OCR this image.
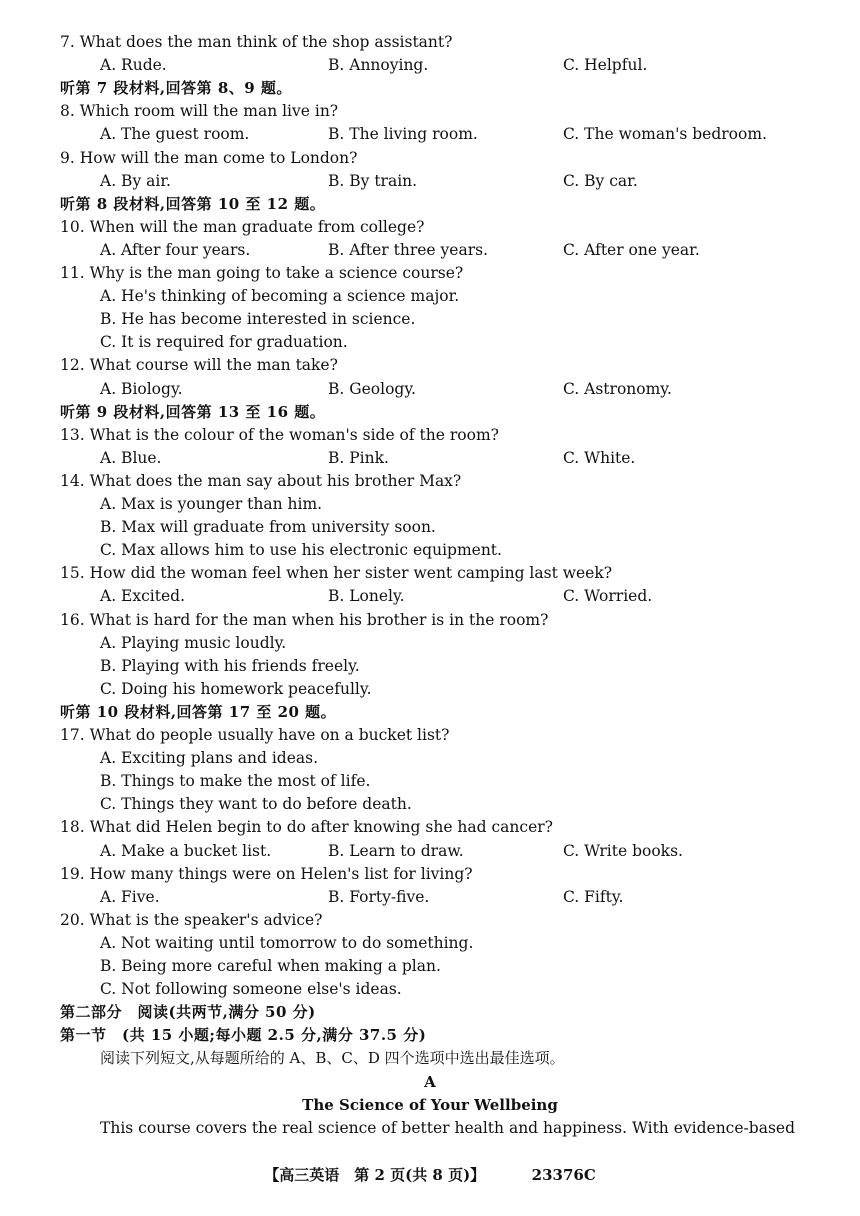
7. What does the man think of the shop assistant?
A. Rude.	B. Annoying.	C. Helpful.
听第 7 段材料,回答第 8、9 题。
8. Which room will the man live in?
A. The guest room.	B. The living room.	C. The woman's bedroom.
9. How will the man come to London?
A. By air.	B. By train.	C. By car.
听第 8 段材料,回答第 10 至 12 题。
10. When will the man graduate from college?
A. After four years.	B. After three years.	C. After one year.
11. Why is the man going to take a science course?
A. He's thinking of becoming a science major.
B. He has become interested in science.
C. It is required for graduation.
12. What course will the man take?
A. Biology.	B. Geology.	C. Astronomy.
听第 9 段材料,回答第 13 至 16 题。
13. What is the colour of the woman's side of the room?
A. Blue.	B. Pink.	C. White.
14. What does the man say about his brother Max?
A. Max is younger than him.
B. Max will graduate from university soon.
C. Max allows him to use his electronic equipment.
15. How did the woman feel when her sister went camping last week?
A. Excited.	B. Lonely.	C. Worried.
16. What is hard for the man when his brother is in the room?
A. Playing music loudly.
B. Playing with his friends freely.
C. Doing his homework peacefully.
听第 10 段材料,回答第 17 至 20 题。
17. What do people usually have on a bucket list?
A. Exciting plans and ideas.
B. Things to make the most of life.
C. Things they want to do before death.
18. What did Helen begin to do after knowing she had cancer?
A. Make a bucket list.	B. Learn to draw.	C. Write books.
19. How many things were on Helen's list for living?
A. Five.	B. Forty-five.	C. Fifty.
20. What is the speaker's advice?
A. Not waiting until tomorrow to do something.
B. Being more careful when making a plan.
C. Not following someone else's ideas.
第二部分　阅读(共两节,满分 50 分)
第一节　(共 15 小题;每小题 2.5 分,满分 37.5 分)
阅读下列短文,从每题所给的 A、B、C、D 四个选项中选出最佳选项。
A
The Science of Your Wellbeing
This course covers the real science of better health and happiness. With evidence-based
【高三英语　第 2 页(共 8 页)】	23376C
